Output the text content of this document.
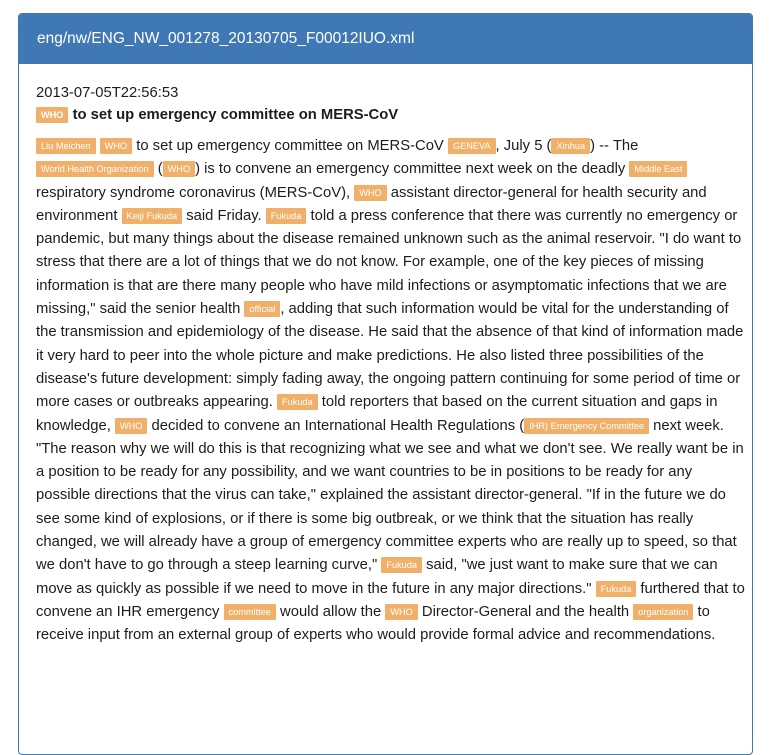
eng/nw/ENG_NW_001278_20130705_F00012IUO.xml
2013-07-05T22:56:53
WHO to set up emergency committee on MERS-CoV
Liu Meichen WHO to set up emergency committee on MERS-CoV GENEVA , July 5 ( Xinhua ) -- The World Health Organization ( WHO ) is to convene an emergency committee next week on the deadly Middle East respiratory syndrome coronavirus (MERS-CoV), WHO assistant director-general for health security and environment Keiji Fukuda said Friday. Fukuda told a press conference that there was currently no emergency or pandemic, but many things about the disease remained unknown such as the animal reservoir. "I do want to stress that there are a lot of things that we do not know. For example, one of the key pieces of missing information is that are there many people who have mild infections or asymptomatic infections that we are missing," said the senior health official , adding that such information would be vital for the understanding of the transmission and epidemiology of the disease. He said that the absence of that kind of information made it very hard to peer into the whole picture and make predictions. He also listed three possibilities of the disease's future development: simply fading away, the ongoing pattern continuing for some period of time or more cases or outbreaks appearing. Fukuda told reporters that based on the current situation and gaps in knowledge, WHO decided to convene an International Health Regulations ( IHR) Emergency Committee next week. "The reason why we will do this is that recognizing what we see and what we don't see. We really want be in a position to be ready for any possibility, and we want countries to be in positions to be ready for any possible directions that the virus can take," explained the assistant director-general. "If in the future we do see some kind of explosions, or if there is some big outbreak, or we think that the situation has really changed, we will already have a group of emergency committee experts who are really up to speed, so that we don't have to go through a steep learning curve," Fukuda said, "we just want to make sure that we can move as quickly as possible if we need to move in the future in any major directions." Fukuda furthered that to convene an IHR emergency committee would allow the WHO Director-General and the health organization to receive input from an external group of experts who would provide formal advice and recommendations.
